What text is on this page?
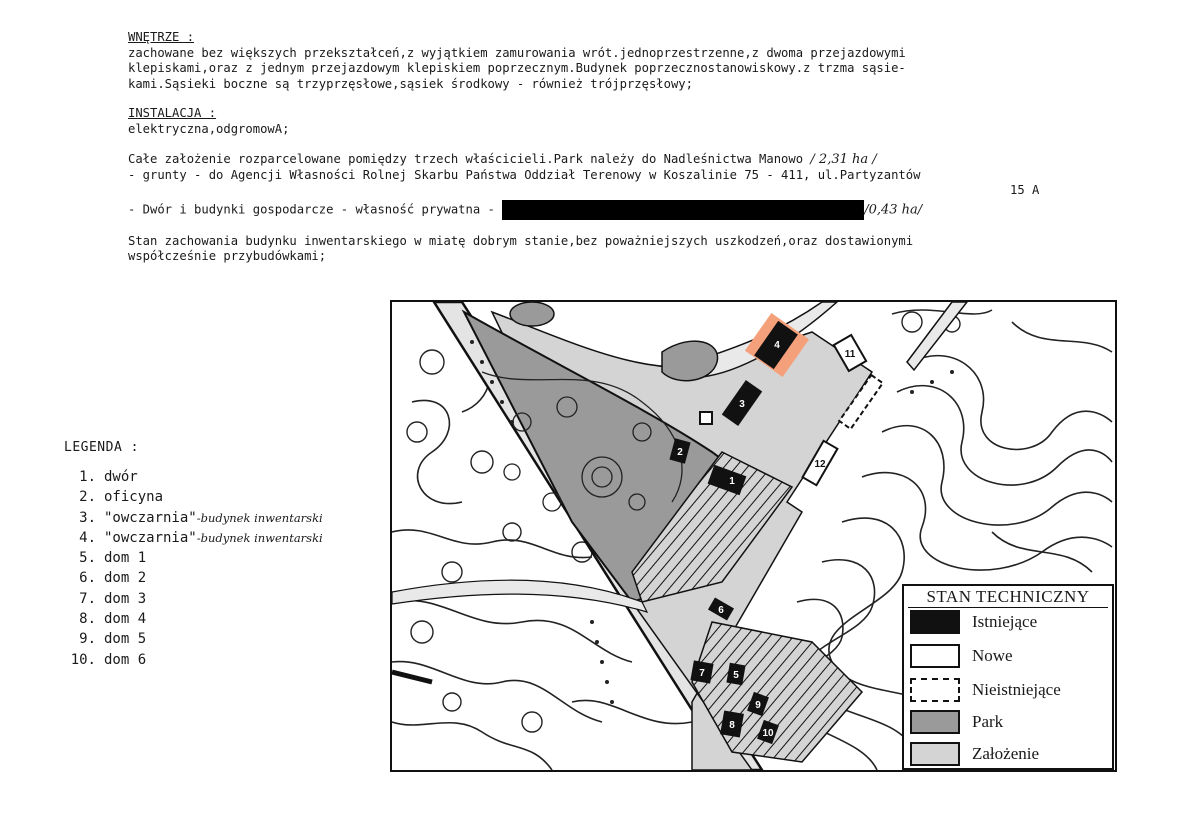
WNĘTRZE :

zachowane bez większych przekształceń,z wyjątkiem zamurowania wrót.jednoprzestrzenne,z dwoma przejazdowymi

klepiskami,oraz z jednym przejazdowym klepiskiem poprzecznym.Budynek poprzecznostanowiskowy.z trzma sąsie-

kami.Sąsieki boczne są trzyprzęsłowe,sąsiek środkowy - również trójprzęsłowy;

INSTALACJA :

elektryczna,odgromowA;

Całe założenie rozparcelowane pomiędzy trzech właścicieli.Park należy do Nadleśnictwa Manowo / 2,31 ha /

- grunty - do Agencji Własności Rolnej Skarbu Państwa Oddział Terenowy w Koszalinie 75 - 411, ul.Partyzantów

15 A

- Dwór i budynki gospodarcze - własność prywatna -	/0,43 ha/

Stan zachowania budynku inwentarskiego w miatę dobrym stanie,bez poważniejszych uszkodzeń,oraz dostawionymi

współcześnie przybudówkami;

LEGENDA :
1. dwór
2. oficyna
3. "owczarnia"-budynek inwentarski
4. "owczarnia"-budynek inwentarski
5. dom 1
6. dom 2
7. dom 3
8. dom 4
9. dom 5
10. dom 6
1
2
3
4
5
6
7
8
9
10
11
12
STAN TECHNICZNY
Istniejące
Nowe
Nieistniejące
Park
Założenie
